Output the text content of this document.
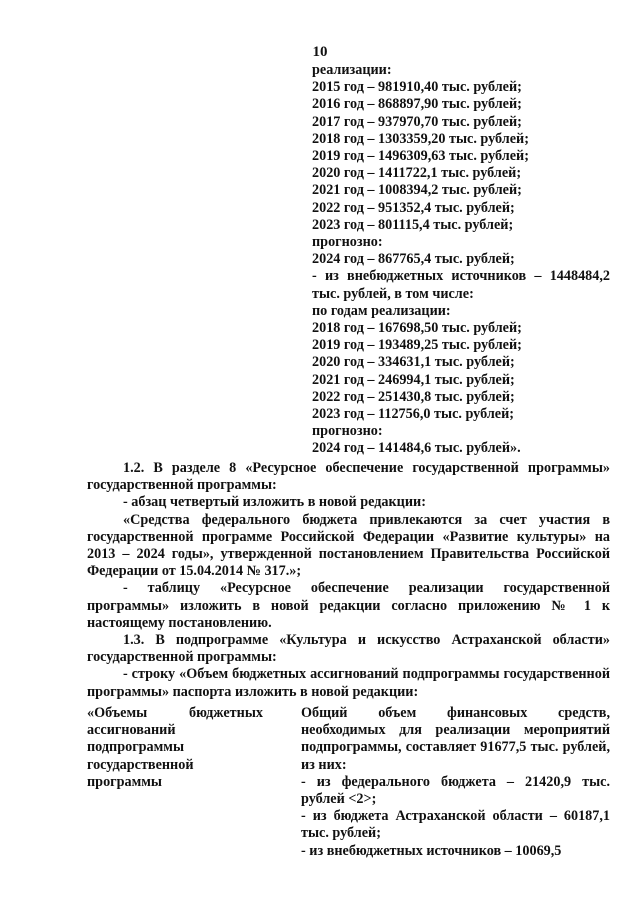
10
реализации:
2015 год – 981910,40 тыс. рублей;
2016 год – 868897,90 тыс. рублей;
2017 год – 937970,70 тыс. рублей;
2018 год – 1303359,20 тыс. рублей;
2019 год – 1496309,63 тыс. рублей;
2020 год – 1411722,1 тыс. рублей;
2021 год – 1008394,2 тыс. рублей;
2022 год – 951352,4 тыс. рублей;
2023 год – 801115,4 тыс. рублей;
прогнозно:
2024 год – 867765,4 тыс. рублей;
- из внебюджетных источников – 1448484,2 тыс. рублей, в том числе:
по годам реализации:
2018 год – 167698,50 тыс. рублей;
2019 год – 193489,25 тыс. рублей;
2020 год – 334631,1 тыс. рублей;
2021 год – 246994,1 тыс. рублей;
2022 год – 251430,8 тыс. рублей;
2023 год – 112756,0 тыс. рублей;
прогнозно:
2024 год – 141484,6 тыс. рублей».

1.2. В разделе 8 «Ресурсное обеспечение государственной программы» государственной программы:

- абзац четвертый изложить в новой редакции:

«Средства федерального бюджета привлекаются за счет участия в государственной программе Российской Федерации «Развитие культуры» на 2013 – 2024 годы», утвержденной постановлением Правительства Российской Федерации от 15.04.2014 № 317.»;

- таблицу «Ресурсное обеспечение реализации государственной программы» изложить в новой редакции согласно приложению № 1 к настоящему постановлению.

1.3. В подпрограмме «Культура и искусство Астраханской области» государственной программы:

- строку «Объем бюджетных ассигнований подпрограммы государственной программы» паспорта изложить в новой редакции:

«Объемы бюджетных ассигнований подпрограммы государственной программы

Общий объем финансовых средств, необходимых для реализации мероприятий подпрограммы, составляет 91677,5 тыс. рублей, из них:

- из федерального бюджета – 21420,9 тыс. рублей <2>;

- из бюджета Астраханской области – 60187,1 тыс. рублей;

- из внебюджетных источников – 10069,5
